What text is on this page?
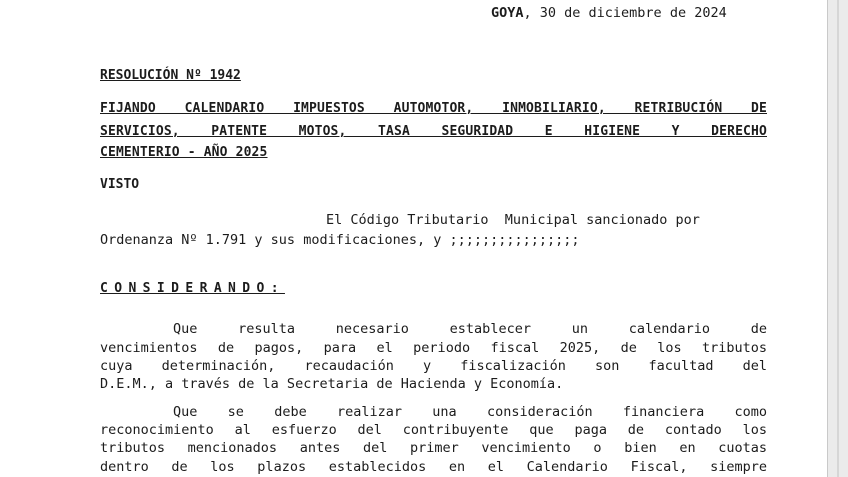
GOYA, 30 de diciembre de 2024
RESOLUCIÓN Nº 1942
FIJANDO CALENDARIO IMPUESTOS AUTOMOTOR, INMOBILIARIO, RETRIBUCIÓN DE
SERVICIOS, PATENTE MOTOS, TASA SEGURIDAD E HIGIENE Y DERECHO
CEMENTERIO - AÑO 2025
VISTO
El Código Tributario  Municipal sancionado por
Ordenanza Nº 1.791 y sus modificaciones, y ;;;;;;;;;;;;;;;;
CONSIDERANDO:
Que resulta necesario establecer un calendario de
vencimientos de pagos, para el periodo fiscal 2025, de los tributos
cuya determinación, recaudación y fiscalización son facultad del
D.E.M., a través de la Secretaria de Hacienda y Economía.
Que se debe realizar una consideración financiera como
reconocimiento al esfuerzo del contribuyente que paga de contado los
tributos mencionados antes del primer vencimiento o bien en cuotas
dentro de los plazos establecidos en el Calendario Fiscal, siempre
